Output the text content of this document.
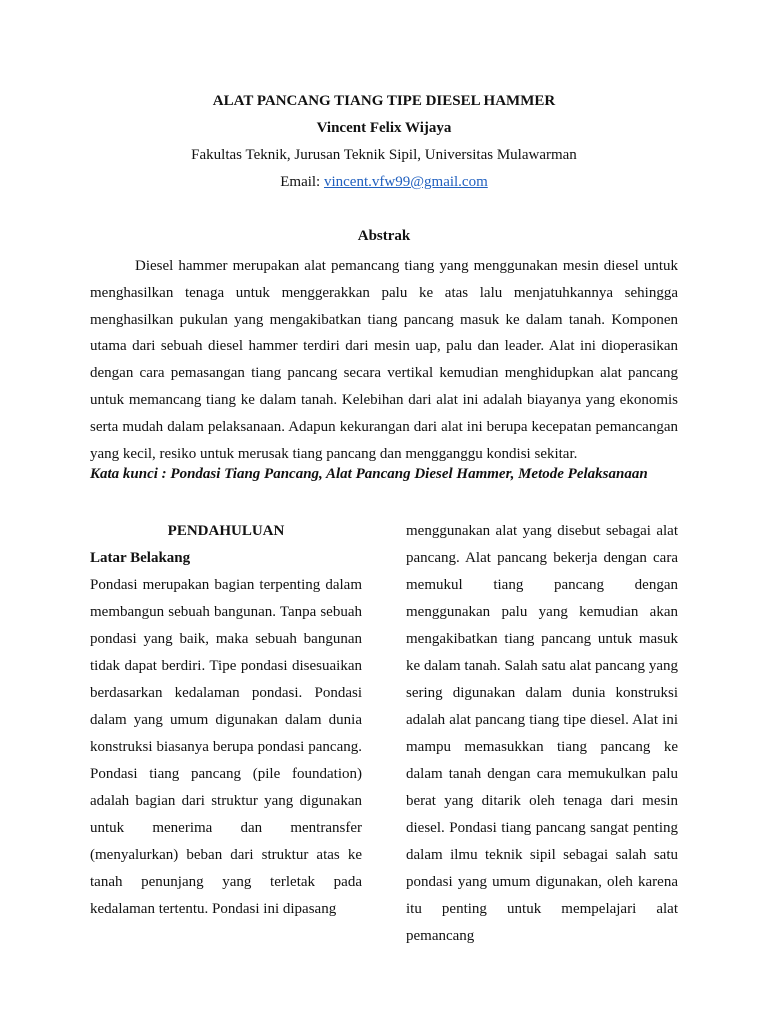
ALAT PANCANG TIANG TIPE DIESEL HAMMER
Vincent Felix Wijaya
Fakultas Teknik, Jurusan Teknik Sipil, Universitas Mulawarman
Email: vincent.vfw99@gmail.com
Abstrak
Diesel hammer merupakan alat pemancang tiang yang menggunakan mesin diesel untuk menghasilkan tenaga untuk menggerakkan palu ke atas lalu menjatuhkannya sehingga menghasilkan pukulan yang mengakibatkan tiang pancang masuk ke dalam tanah. Komponen utama dari sebuah diesel hammer terdiri dari mesin uap, palu dan leader. Alat ini dioperasikan dengan cara pemasangan tiang pancang secara vertikal kemudian menghidupkan alat pancang untuk memancang tiang ke dalam tanah. Kelebihan dari alat ini adalah biayanya yang ekonomis serta mudah dalam pelaksanaan. Adapun kekurangan dari alat ini berupa kecepatan pemancangan yang kecil, resiko untuk merusak tiang pancang dan mengganggu kondisi sekitar.
Kata kunci : Pondasi Tiang Pancang, Alat Pancang Diesel Hammer, Metode Pelaksanaan
PENDAHULUAN
Latar Belakang
Pondasi merupakan bagian terpenting dalam membangun sebuah bangunan. Tanpa sebuah pondasi yang baik, maka sebuah bangunan tidak dapat berdiri. Tipe pondasi disesuaikan berdasarkan kedalaman pondasi. Pondasi dalam yang umum digunakan dalam dunia konstruksi biasanya berupa pondasi pancang. Pondasi tiang pancang (pile foundation) adalah bagian dari struktur yang digunakan untuk menerima dan mentransfer (menyalurkan) beban dari struktur atas ke tanah penunjang yang terletak pada kedalaman tertentu. Pondasi ini dipasang
menggunakan alat yang disebut sebagai alat pancang. Alat pancang bekerja dengan cara memukul tiang pancang dengan menggunakan palu yang kemudian akan mengakibatkan tiang pancang untuk masuk ke dalam tanah. Salah satu alat pancang yang sering digunakan dalam dunia konstruksi adalah alat pancang tiang tipe diesel. Alat ini mampu memasukkan tiang pancang ke dalam tanah dengan cara memukulkan palu berat yang ditarik oleh tenaga dari mesin diesel. Pondasi tiang pancang sangat penting dalam ilmu teknik sipil sebagai salah satu pondasi yang umum digunakan, oleh karena itu penting untuk mempelajari alat pemancang
